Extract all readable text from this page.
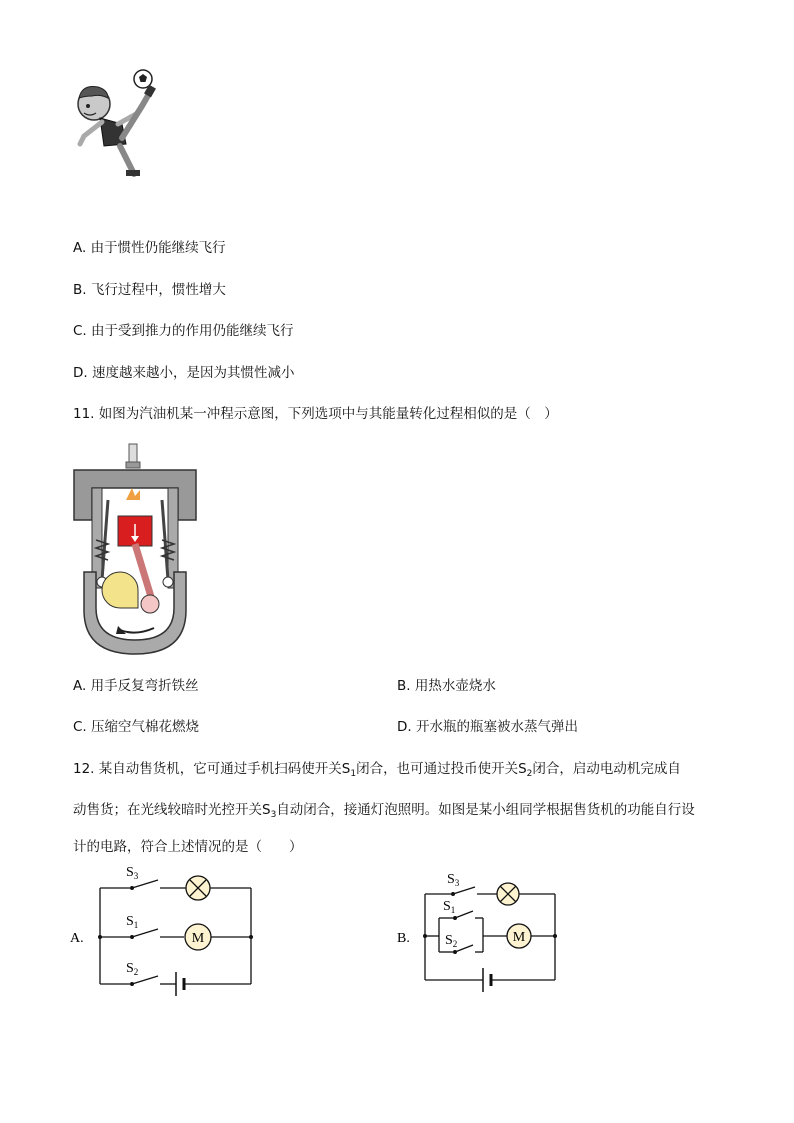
A. 由于惯性仍能继续飞行
B. 飞行过程中，惯性增大
C. 由于受到推力的作用仍能继续飞行
D. 速度越来越小，是因为其惯性减小
11. 如图为汽油机某一冲程示意图，下列选项中与其能量转化过程相似的是（　）
A. 用手反复弯折铁丝	B. 用热水壶烧水
C. 压缩空气棉花燃烧	D. 开水瓶的瓶塞被水蒸气弹出
12. 某自动售货机，它可通过手机扫码使开关$S_1$闭合，也可通过投币使开关$S_2$闭合，启动电动机完成自
动售货；在光线较暗时光控开关$S_3$自动闭合，接通灯泡照明。如图是某小组同学根据售货机的功能自行设
计的电路，符合上述情况的是（　　）
A.
$S_3$
M
$S_1$
$S_2$
B.
$S_3$
$S_1$
$S_2$	M
